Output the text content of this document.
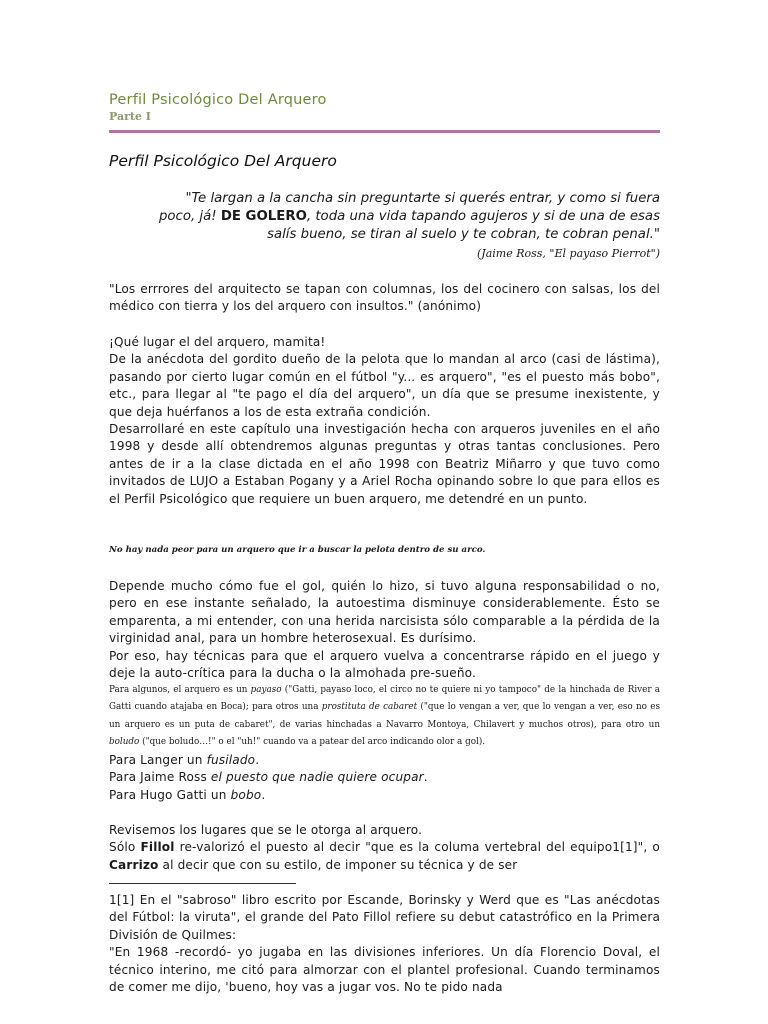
Perfil Psicológico Del Arquero
Parte I
Perfil Psicológico Del Arquero
"Te largan a la cancha sin preguntarte si querés entrar, y como si fuera
poco, já! DE GOLERO, toda una vida tapando agujeros y si de una de esas
salís bueno, se tiran al suelo y te cobran, te cobran penal."
(Jaime Ross, "El payaso Pierrot")
"Los errrores del arquitecto se tapan con columnas, los del cocinero con salsas, los del médico con tierra y los del arquero con insultos." (anónimo)
¡Qué lugar el del arquero, mamita!
De la anécdota del gordito dueño de la pelota que lo mandan al arco (casi de lástima), pasando por cierto lugar común en el fútbol "y... es arquero", "es el puesto más bobo", etc., para llegar al "te pago el día del arquero", un día que se presume inexistente, y que deja huérfanos a los de esta extraña condición.
Desarrollaré en este capítulo una investigación hecha con arqueros juveniles en el año 1998 y desde allí obtendremos algunas preguntas y otras tantas conclusiones. Pero antes de ir a la clase dictada en el año 1998 con Beatriz Miñarro y que tuvo como invitados de LUJO a Estaban Pogany y a Ariel Rocha opinando sobre lo que para ellos es el Perfil Psicológico que requiere un buen arquero, me detendré en un punto.
No hay nada peor para un arquero que ir a buscar la pelota dentro de su arco.
Depende mucho cómo fue el gol, quién lo hizo, si tuvo alguna responsabilidad o no, pero en ese instante señalado, la autoestima disminuye considerablemente. Ésto se emparenta, a mi entender, con una herida narcisista sólo comparable a la pérdida de la virginidad anal, para un hombre heterosexual. Es durísimo.
Por eso, hay técnicas para que el arquero vuelva a concentrarse rápido en el juego y deje la auto-crítica para la ducha o la almohada pre-sueño.
Para algunos, el arquero es un payaso ("Gatti, payaso loco, el circo no te quiere ni yo tampoco" de la hinchada de River a Gatti cuando atajaba en Boca); para otros una prostituta de cabaret ("que lo vengan a ver, que lo vengan a ver, eso no es un arquero es un puta de cabaret", de varias hinchadas a Navarro Montoya, Chilavert y muchos otros), para otro un boludo ("que boludo…!" o el "uh!" cuando va a patear del arco indicando olor a gol).
Para Langer un fusilado.
Para Jaime Ross el puesto que nadie quiere ocupar.
Para Hugo Gatti un bobo.
Revisemos los lugares que se le otorga al arquero.
Sólo Fillol re-valorizó el puesto al decir "que es la columa vertebral del equipo1[1]", o Carrizo al decir que con su estilo, de imponer su técnica y de ser
1[1] En el "sabroso" libro escrito por Escande, Borinsky y Werd que es "Las anécdotas del Fútbol: la viruta", el grande del Pato Fillol refiere su debut catastrófico en la Primera División de Quilmes:
"En 1968 -recordó- yo jugaba en las divisiones inferiores. Un día Florencio Doval, el técnico interino, me citó para almorzar con el plantel profesional. Cuando terminamos de comer me dijo, 'bueno, hoy vas a jugar vos. No te pido nada
